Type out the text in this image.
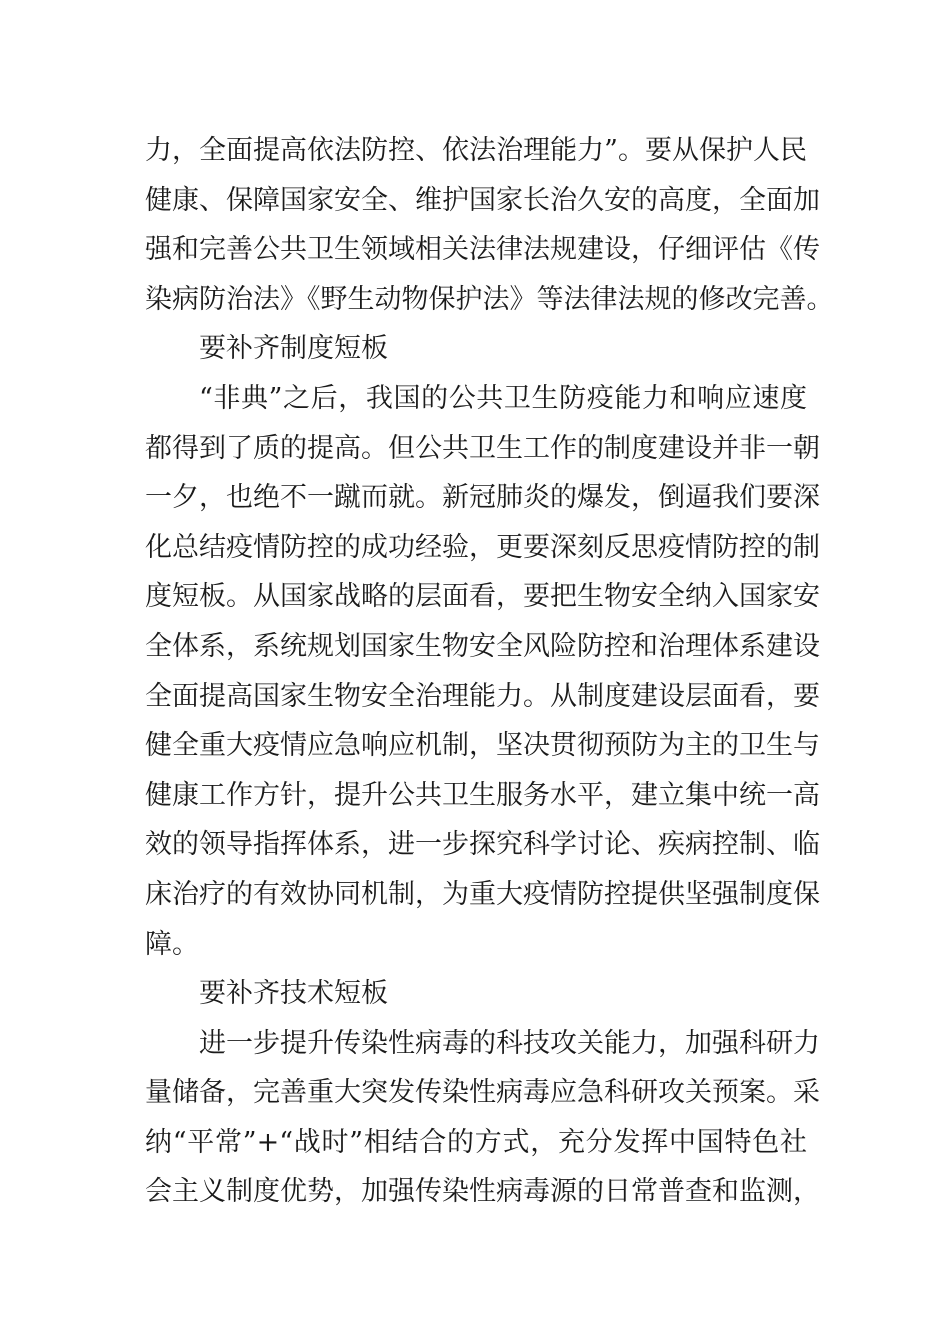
力，全面提高依法防控、依法治理能力”。要从保护人民
健康、保障国家安全、维护国家长治久安的高度，全面加
强和完善公共卫生领域相关法律法规建设，仔细评估《传
染病防治法》《野生动物保护法》等法律法规的修改完善。
要补齐制度短板
“非典”之后，我国的公共卫生防疫能力和响应速度
都得到了质的提高。但公共卫生工作的制度建设并非一朝
一夕，也绝不一蹴而就。新冠肺炎的爆发，倒逼我们要深
化总结疫情防控的成功经验，更要深刻反思疫情防控的制
度短板。从国家战略的层面看，要把生物安全纳入国家安
全体系，系统规划国家生物安全风险防控和治理体系建设
全面提高国家生物安全治理能力。从制度建设层面看，要
健全重大疫情应急响应机制，坚决贯彻预防为主的卫生与
健康工作方针，提升公共卫生服务水平，建立集中统一高
效的领导指挥体系，进一步探究科学讨论、疾病控制、临
床治疗的有效协同机制，为重大疫情防控提供坚强制度保
障。
要补齐技术短板
进一步提升传染性病毒的科技攻关能力，加强科研力
量储备，完善重大突发传染性病毒应急科研攻关预案。采
纳“平常”+“战时”相结合的方式，充分发挥中国特色社
会主义制度优势，加强传染性病毒源的日常普查和监测，
